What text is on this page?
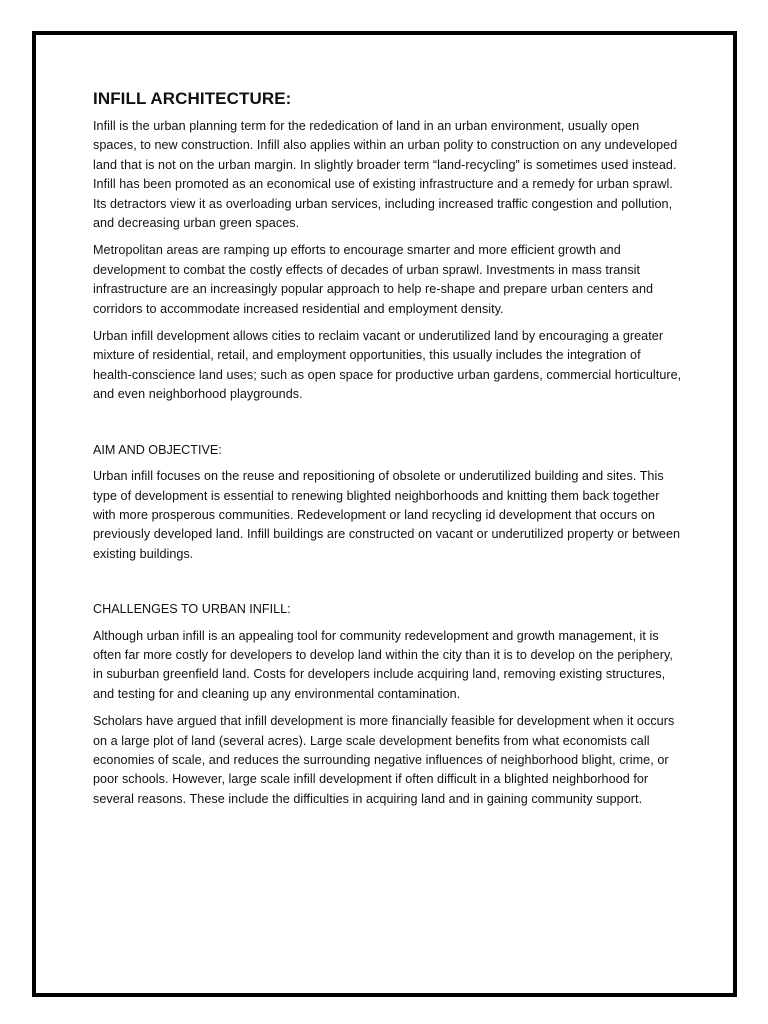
INFILL ARCHITECTURE:

Infill is the urban planning term for the rededication of land in an urban environment, usually open spaces, to new construction. Infill also applies within an urban polity to construction on any undeveloped land that is not on the urban margin. In slightly broader term “land-recycling” is sometimes used instead. Infill has been promoted as an economical use of existing infrastructure and a remedy for urban sprawl. Its detractors view it as overloading urban services, including increased traffic congestion and pollution, and decreasing urban green spaces.

Metropolitan areas are ramping up efforts to encourage smarter and more efficient growth and development to combat the costly effects of decades of urban sprawl. Investments in mass transit infrastructure are an increasingly popular approach to help re-shape and prepare urban centers and corridors to accommodate increased residential and employment density.

Urban infill development allows cities to reclaim vacant or underutilized land by encouraging a greater mixture of residential, retail, and employment opportunities, this usually includes the integration of health-conscience land uses; such as open space for productive urban gardens, commercial horticulture, and even neighborhood playgrounds.

AIM AND OBJECTIVE:

Urban infill focuses on the reuse and repositioning of obsolete or underutilized building and sites. This type of development is essential to renewing blighted neighborhoods and knitting them back together with more prosperous communities. Redevelopment or land recycling id development that occurs on previously developed land. Infill buildings are constructed on vacant or underutilized property or between existing buildings.

CHALLENGES TO URBAN INFILL:

Although urban infill is an appealing tool for community redevelopment and growth management, it is often far more costly for developers to develop land within the city than it is to develop on the periphery, in suburban greenfield land. Costs for developers include acquiring land, removing existing structures, and testing for and cleaning up any environmental contamination.

Scholars have argued that infill development is more financially feasible for development when it occurs on a large plot of land (several acres). Large scale development benefits from what economists call economies of scale, and reduces the surrounding negative influences of neighborhood blight, crime, or poor schools. However, large scale infill development if often difficult in a blighted neighborhood for several reasons. These include the difficulties in acquiring land and in gaining community support.
